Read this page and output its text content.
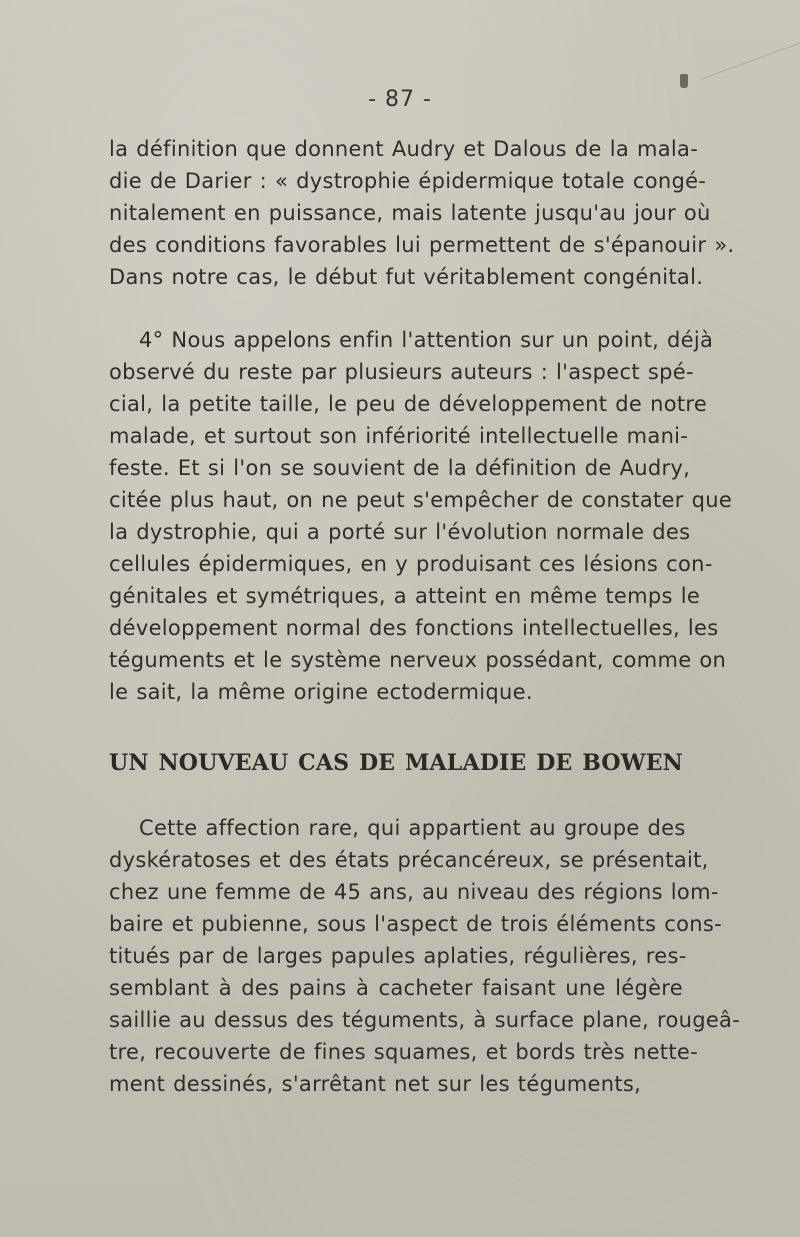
- 87 -
la définition que donnent Audry et Dalous de la mala-
die de Darier : « dystrophie épidermique totale congé-
nitalement en puissance, mais latente jusqu'au jour où
des conditions favorables lui permettent de s'épanouir ».
Dans notre cas, le début fut véritablement congénital.
4° Nous appelons enfin l'attention sur un point, déjà
observé du reste par plusieurs auteurs : l'aspect spé-
cial, la petite taille, le peu de développement de notre
malade, et surtout son infériorité intellectuelle mani-
feste. Et si l'on se souvient de la définition de Audry,
citée plus haut, on ne peut s'empêcher de constater que
la dystrophie, qui a porté sur l'évolution normale des
cellules épidermiques, en y produisant ces lésions con-
génitales et symétriques, a atteint en même temps le
développement normal des fonctions intellectuelles, les
téguments et le système nerveux possédant, comme on
le sait, la même origine ectodermique.
UN NOUVEAU CAS DE MALADIE DE BOWEN
Cette affection rare, qui appartient au groupe des
dyskératoses et des états précancéreux, se présentait,
chez une femme de 45 ans, au niveau des régions lom-
baire et pubienne, sous l'aspect de trois éléments cons-
titués par de larges papules aplaties, régulières, res-
semblant à des pains à cacheter faisant une légère
saillie au dessus des téguments, à surface plane, rougeâ-
tre, recouverte de fines squames, et bords très nette-
ment dessinés, s'arrêtant net sur les téguments,
